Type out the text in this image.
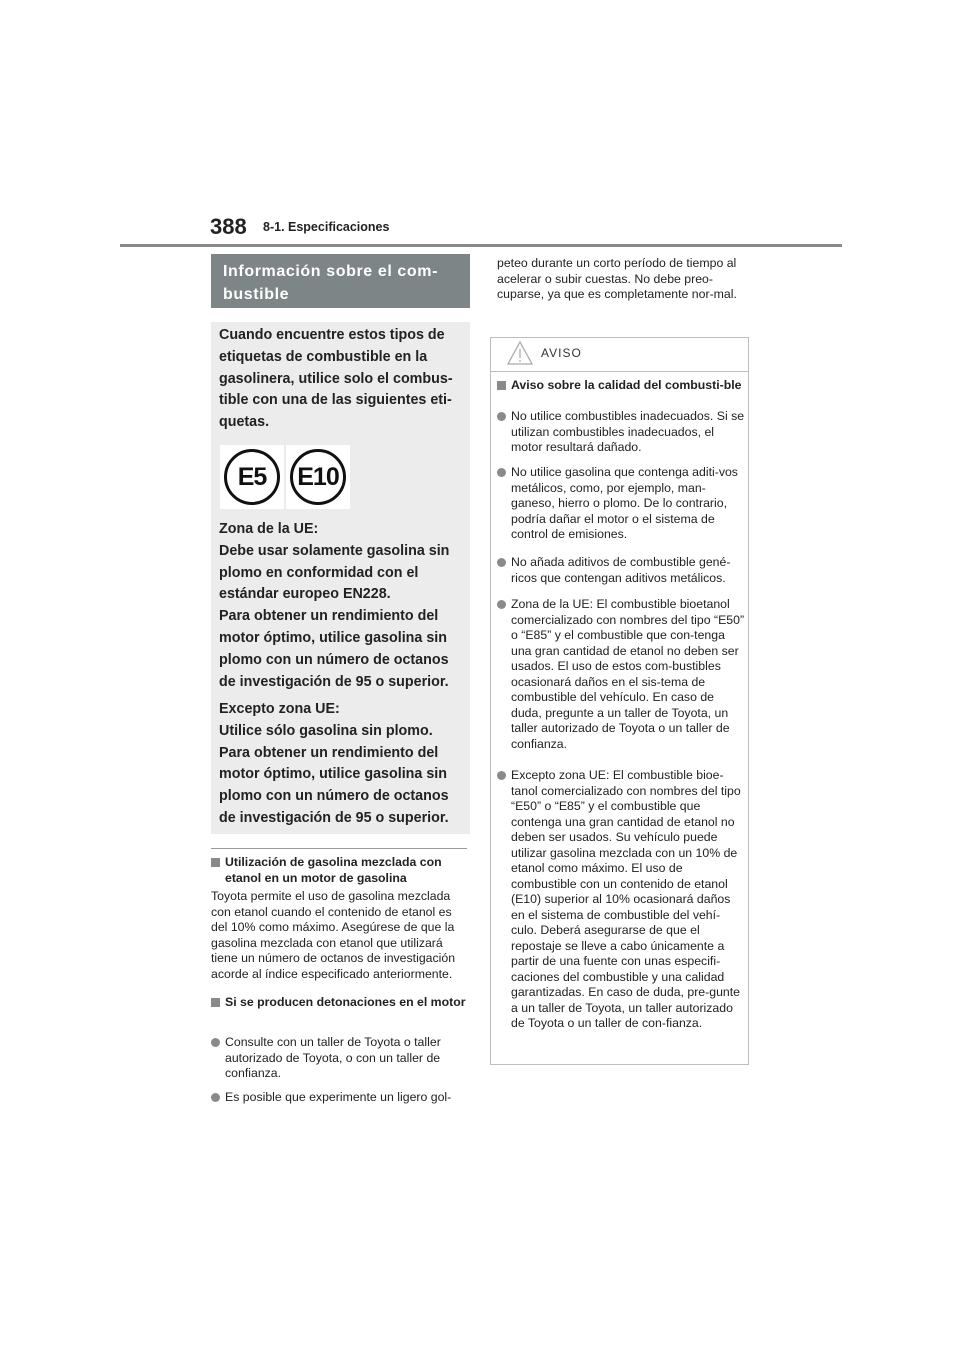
388 8-1. Especificaciones
Información sobre el com-
bustible
Cuando encuentre estos tipos de etiquetas de combustible en la gasolinera, utilice solo el combus-tible con una de las siguientes eti-quetas.
E5	E10
Zona de la UE:
Debe usar solamente gasolina sin plomo en conformidad con el estándar europeo EN228.
Para obtener un rendimiento del motor óptimo, utilice gasolina sin plomo con un número de octanos de investigación de 95 o superior.
Excepto zona UE:
Utilice sólo gasolina sin plomo.
Para obtener un rendimiento del motor óptimo, utilice gasolina sin plomo con un número de octanos de investigación de 95 o superior.
Utilización de gasolina mezclada con etanol en un motor de gasolina
Toyota permite el uso de gasolina mezclada con etanol cuando el contenido de etanol es del 10% como máximo. Asegúrese de que la gasolina mezclada con etanol que utilizará tiene un número de octanos de investigación acorde al índice especificado anteriormente.
Si se producen detonaciones en el motor
Consulte con un taller de Toyota o taller autorizado de Toyota, o con un taller de confianza.
Es posible que experimente un ligero gol-
peteo durante un corto período de tiempo al acelerar o subir cuestas. No debe preo-cuparse, ya que es completamente nor-mal.
AVISO
Aviso sobre la calidad del combusti-ble
No utilice combustibles inadecuados. Si se utilizan combustibles inadecuados, el motor resultará dañado.
No utilice gasolina que contenga aditi-vos metálicos, como, por ejemplo, man-ganeso, hierro o plomo. De lo contrario, podría dañar el motor o el sistema de control de emisiones.
No añada aditivos de combustible gené-ricos que contengan aditivos metálicos.
Zona de la UE: El combustible bioetanol comercializado con nombres del tipo “E50” o “E85” y el combustible que con-tenga una gran cantidad de etanol no deben ser usados. El uso de estos com-bustibles ocasionará daños en el sis-tema de combustible del vehículo. En caso de duda, pregunte a un taller de Toyota, un taller autorizado de Toyota o un taller de confianza.
Excepto zona UE: El combustible bioe-tanol comercializado con nombres del tipo “E50” o “E85” y el combustible que contenga una gran cantidad de etanol no deben ser usados. Su vehículo puede utilizar gasolina mezclada con un 10% de etanol como máximo. El uso de combustible con un contenido de etanol (E10) superior al 10% ocasionará daños en el sistema de combustible del vehí-culo. Deberá asegurarse de que el repostaje se lleve a cabo únicamente a partir de una fuente con unas especifi-caciones del combustible y una calidad garantizadas. En caso de duda, pre-gunte a un taller de Toyota, un taller autorizado de Toyota o un taller de con-fianza.
